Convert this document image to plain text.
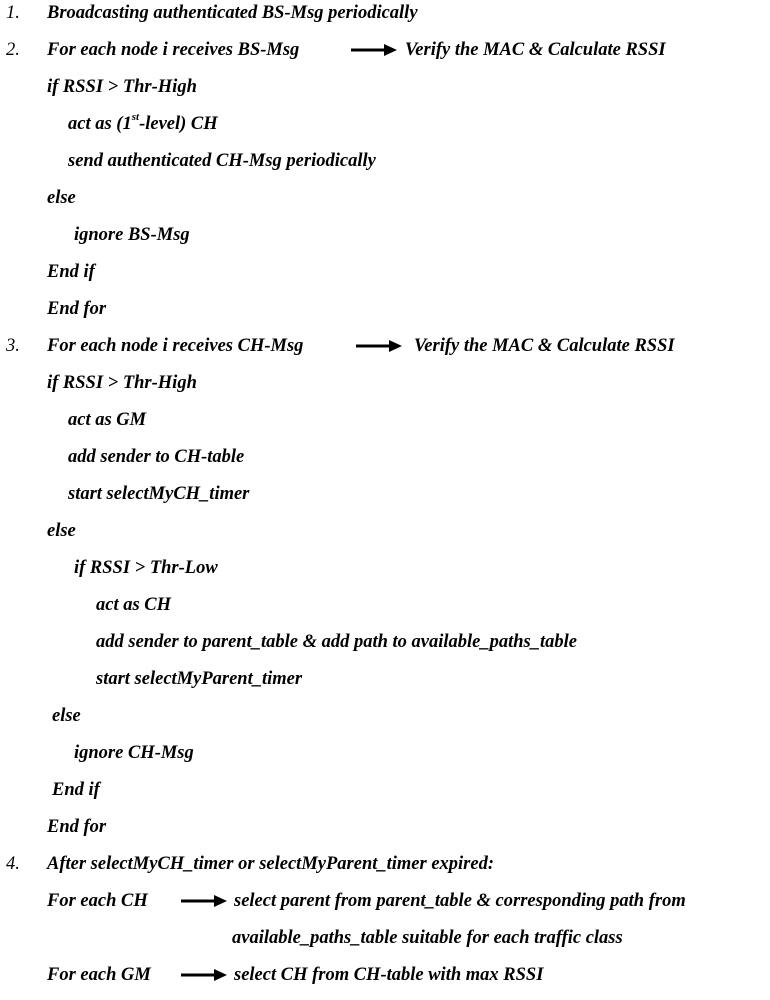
1. Broadcasting authenticated BS-Msg periodically
2. For each node i receives BS-Msg	Verify the MAC & Calculate RSSI
if RSSI > Thr-High
act as (1st-level) CH
send authenticated CH-Msg periodically
else
ignore BS-Msg
End if
End for
3. For each node i receives CH-Msg	Verify the MAC & Calculate RSSI
if RSSI > Thr-High
act as GM
add sender to CH-table
start selectMyCH_timer
else
if RSSI > Thr-Low
act as CH
add sender to parent_table & add path to available_paths_table
start selectMyParent_timer
else
ignore CH-Msg
End if
End for
4. After selectMyCH_timer or selectMyParent_timer expired:
For each CH	select parent from parent_table & corresponding path from
available_paths_table suitable for each traffic class
For each GM	select CH from CH-table with max RSSI
